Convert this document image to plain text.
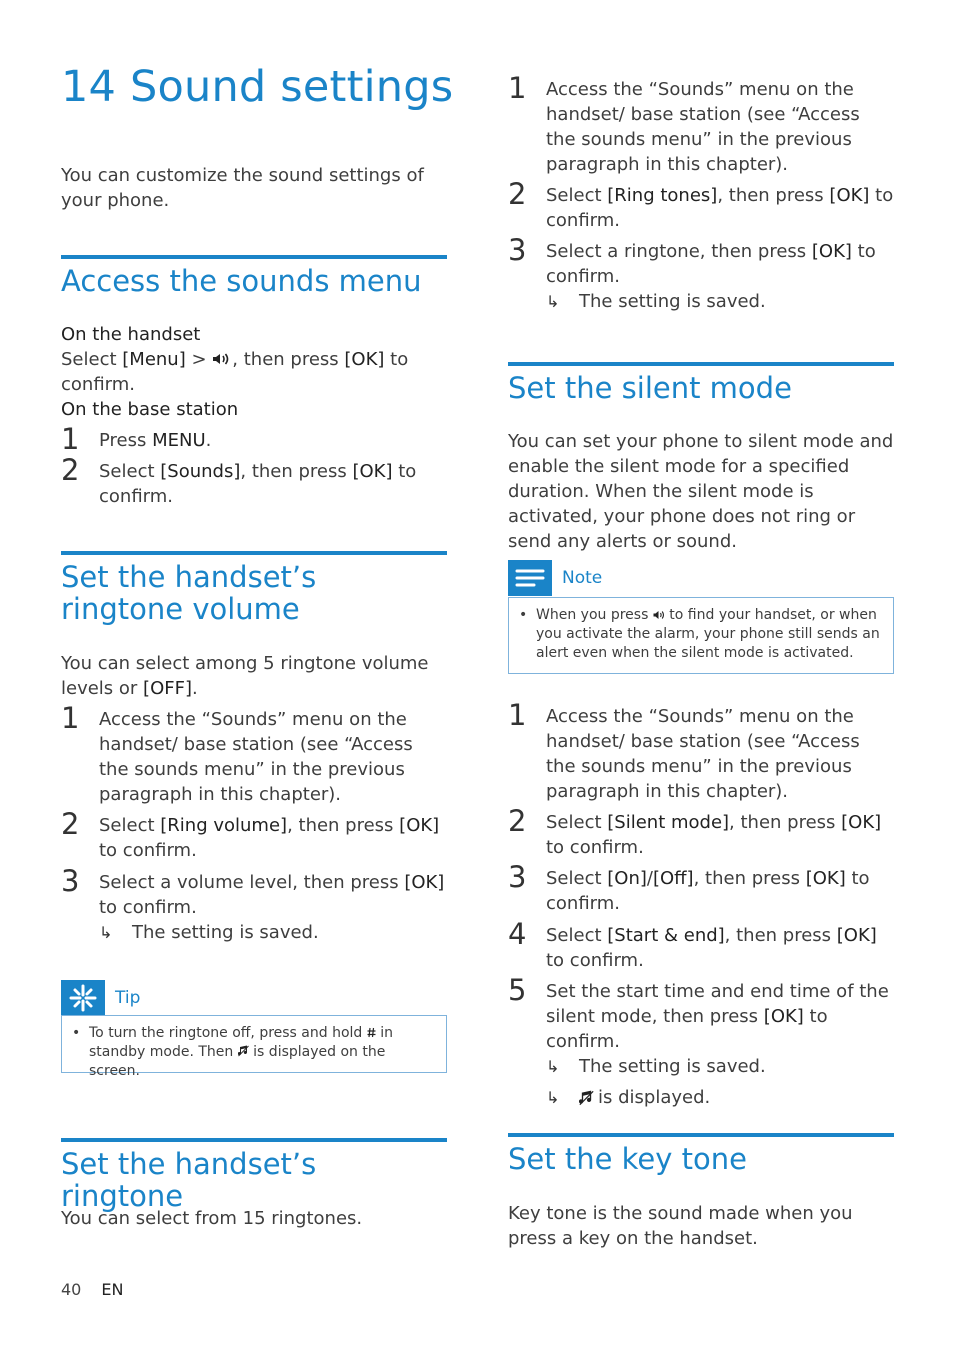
14 Sound settings

You can customize the sound settings of your phone.

Access the sounds menu
On the handset
Select [Menu] > , then press [OK] to confirm.
On the base station
1 Press MENU.
2 Select [Sounds], then press [OK] to confirm.
Set the handset’s ringtone volume

You can select among 5 ringtone volume levels or [OFF].

1 Access the “Sounds” menu on the handset/ base station (see “Access the sounds menu” in the previous paragraph in this chapter).
2 Select [Ring volume], then press [OK] to confirm.
3 Select a volume level, then press [OK] to confirm.
↳	The setting is saved.
Tip
• To turn the ringtone off, press and hold in standby mode. Then is displayed on the screen.
Set the handset’s ringtone

You can select from 15 ringtones.

1 Access the “Sounds” menu on the handset/ base station (see “Access the sounds menu” in the previous paragraph in this chapter).
2 Select [Ring tones], then press [OK] to confirm.
3 Select a ringtone, then press [OK] to confirm.
↳	The setting is saved.
Set the silent mode

You can set your phone to silent mode and enable the silent mode for a specified duration. When the silent mode is activated, your phone does not ring or send any alerts or sound.

Note
• When you press to find your handset, or when you activate the alarm, your phone still sends an alert even when the silent mode is activated.
1 Access the “Sounds” menu on the handset/ base station (see “Access the sounds menu” in the previous paragraph in this chapter).
2 Select [Silent mode], then press [OK] to confirm.
3 Select [On]/[Off], then press [OK] to confirm.
4 Select [Start & end], then press [OK] to confirm.
5 Set the start time and end time of the silent mode, then press [OK] to confirm.
↳	The setting is saved.
↳	is displayed.
Set the key tone

Key tone is the sound made when you press a key on the handset.

40 EN
